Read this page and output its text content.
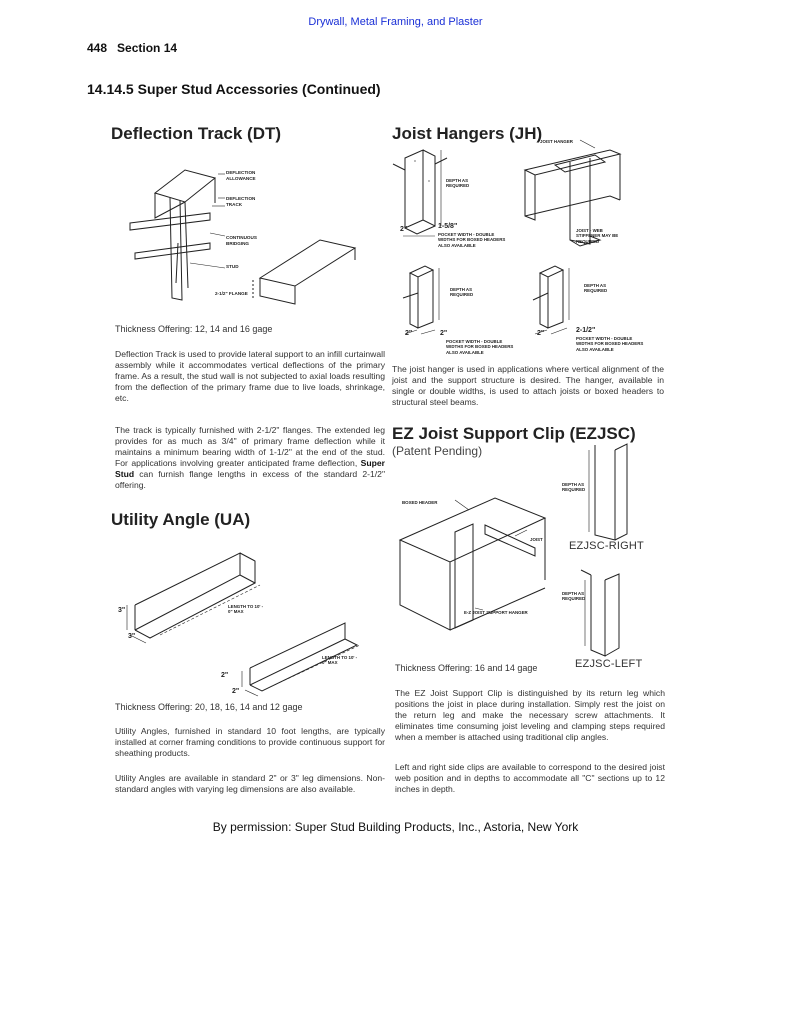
Drywall, Metal Framing, and Plaster
448 Section 14
14.14.5 Super Stud Accessories (Continued)
Deflection Track (DT)
DEFLECTION ALLOWANCE
DEFLECTION TRACK
CONTINUOUS BRIDGING
STUD
2-1/2" FLANGE
Thickness Offering: 12, 14 and 16 gage
Deflection Track is used to provide lateral support to an infill curtainwall assembly while it accommodates vertical deflections of the primary frame. As a result, the stud wall is not subjected to axial loads resulting from the deflection of the primary frame due to live loads, shrinkage, etc.
The track is typically furnished with 2-1/2" flanges. The extended leg provides for as much as 3/4" of primary frame deflection while it maintains a minimum bearing width of 1-1/2" at the end of the stud. For applications involving greater anticipated frame deflection, Super Stud can furnish flange lengths in excess of the standard 2-1/2" offering.
Utility Angle (UA)
3"
3"
LENGTH TO 10' - 0" MAX
2"
2"
LENGTH TO 10' - 0" MAX
Thickness Offering: 20, 18, 16, 14 and 12 gage
Utility Angles, furnished in standard 10 foot lengths, are typically installed at corner framing conditions to provide continuous support for sheathing products.
Utility Angles are available in standard 2" or 3" leg dimensions. Non-standard angles with varying leg dimensions are also available.
Joist Hangers (JH)
JOIST HANGER
DEPTH AS REQUIRED
2"	1-5/8"
POCKET WIDTH - DOUBLE WIDTHS FOR BOXED HEADERS ALSO AVAILABLE
JOIST - WEB STIFFENER MAY BE REQUIRED
DEPTH AS REQUIRED
2"	2"
POCKET WIDTH - DOUBLE WIDTHS FOR BOXED HEADERS ALSO AVAILABLE
DEPTH AS REQUIRED
2"	2-1/2"
POCKET WIDTH - DOUBLE WIDTHS FOR BOXED HEADERS ALSO AVAILABLE
The joist hanger is used in applications where vertical alignment of the joist and the support structure is desired. The hanger, available in single or double widths, is used to attach joists or boxed headers to structural steel beams.
EZ Joist Support Clip (EZJSC)
(Patent Pending)
BOXED HEADER
JOIST
E-Z JOIST SUPPORT HANGER
DEPTH AS REQUIRED
EZJSC-RIGHT
DEPTH AS REQUIRED
EZJSC-LEFT
Thickness Offering: 16 and 14 gage
The EZ Joist Support Clip is distinguished by its return leg which positions the joist in place during installation. Simply rest the joist on the return leg and make the necessary screw attachments. It eliminates time consuming joist leveling and clamping steps required when a member is attached using traditional clip angles.
Left and right side clips are available to correspond to the desired joist web position and in depths to accommodate all "C" sections up to 12 inches in depth.
By permission: Super Stud Building Products, Inc., Astoria, New York
